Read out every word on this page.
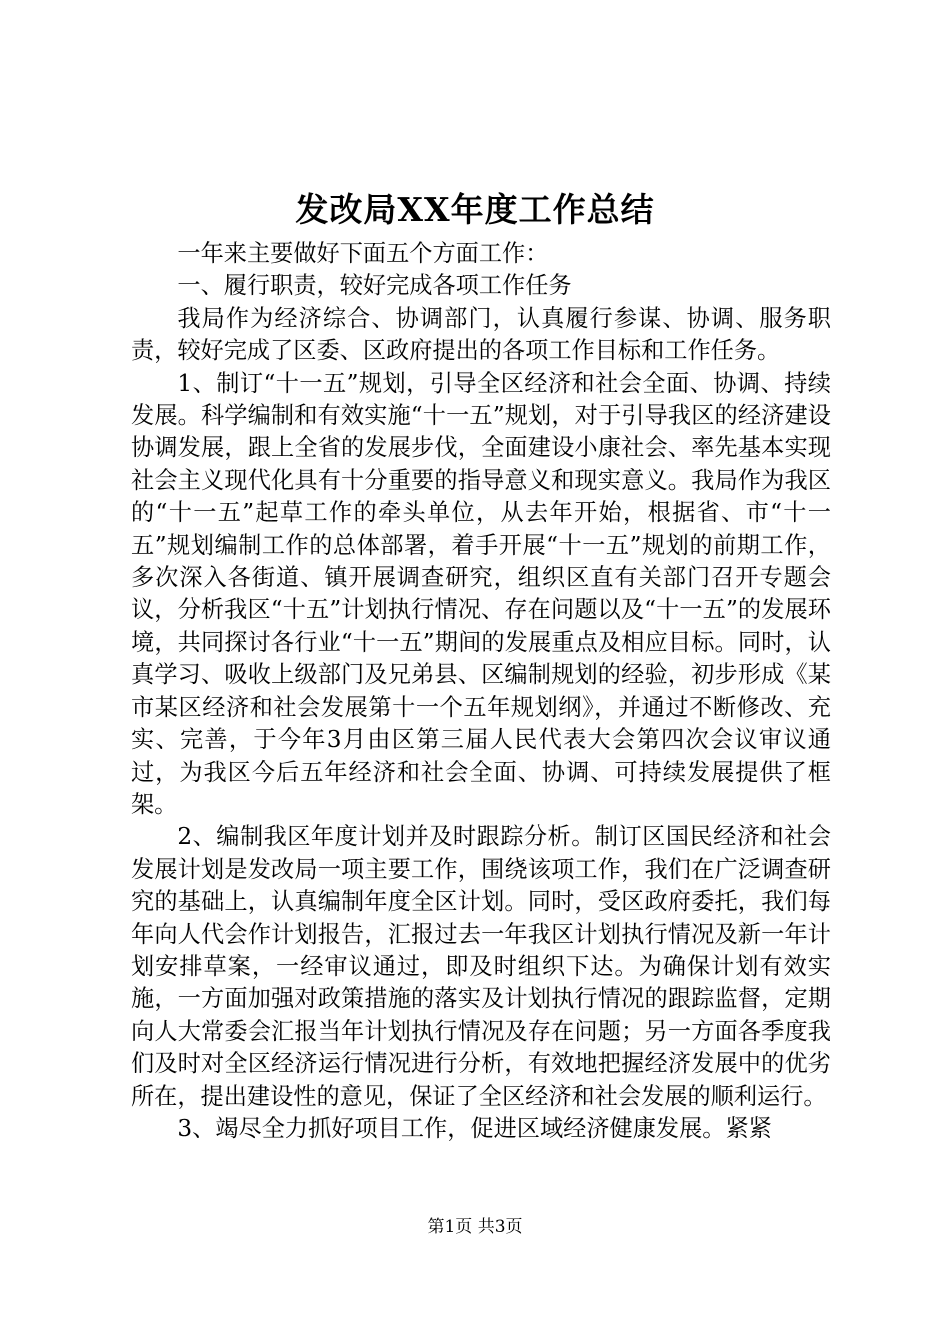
发改局XX年度工作总结

一年来主要做好下面五个方面工作：

一、履行职责，较好完成各项工作任务

我局作为经济综合、协调部门，认真履行参谋、协调、服务职责，较好完成了区委、区政府提出的各项工作目标和工作任务。

1、制订“十一五”规划，引导全区经济和社会全面、协调、持续发展。科学编制和有效实施“十一五”规划，对于引导我区的经济建设协调发展，跟上全省的发展步伐，全面建设小康社会、率先基本实现社会主义现代化具有十分重要的指导意义和现实意义。我局作为我区的“十一五”起草工作的牵头单位，从去年开始，根据省、市“十一五”规划编制工作的总体部署，着手开展“十一五”规划的前期工作，多次深入各街道、镇开展调查研究，组织区直有关部门召开专题会议，分析我区“十五”计划执行情况、存在问题以及“十一五”的发展环境，共同探讨各行业“十一五”期间的发展重点及相应目标。同时，认真学习、吸收上级部门及兄弟县、区编制规划的经验，初步形成《某市某区经济和社会发展第十一个五年规划纲》，并通过不断修改、充实、完善，于今年3月由区第三届人民代表大会第四次会议审议通过，为我区今后五年经济和社会全面、协调、可持续发展提供了框架。

2、编制我区年度计划并及时跟踪分析。制订区国民经济和社会发展计划是发改局一项主要工作，围绕该项工作，我们在广泛调查研究的基础上，认真编制年度全区计划。同时，受区政府委托，我们每年向人代会作计划报告，汇报过去一年我区计划执行情况及新一年计划安排草案，一经审议通过，即及时组织下达。为确保计划有效实施，一方面加强对政策措施的落实及计划执行情况的跟踪监督，定期向人大常委会汇报当年计划执行情况及存在问题；另一方面各季度我们及时对全区经济运行情况进行分析，有效地把握经济发展中的优劣所在，提出建设性的意见，保证了全区经济和社会发展的顺利运行。

3、竭尽全力抓好项目工作，促进区域经济健康发展。紧紧

第1页 共3页
